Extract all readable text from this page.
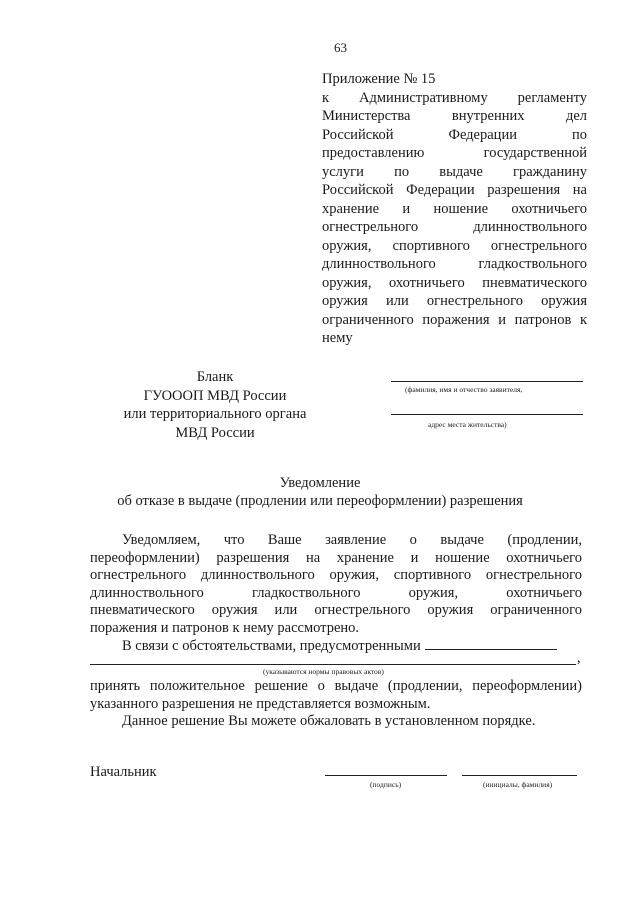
63
Приложение № 15
к Административному регламенту
Министерства внутренних дел
Российской Федерации по
предоставлению государственной
услуги по выдаче гражданину
Российской Федерации разрешения на
хранение и ношение охотничьего
огнестрельного длинноствольного
оружия, спортивного огнестрельного
длинноствольного гладкоствольного
оружия, охотничьего пневматического
оружия или огнестрельного оружия
ограниченного поражения и патронов к
нему
Бланк
ГУОООП МВД России
или территориального органа
МВД России
(фамилия, имя и отчество заявителя,
адрес места жительства)
Уведомление
об отказе в выдаче (продлении или переоформлении) разрешения
Уведомляем, что Ваше заявление о выдаче (продлении,
переоформлении) разрешения на хранение и ношение охотничьего
огнестрельного длинноствольного оружия, спортивного огнестрельного
длинноствольного гладкоствольного оружия, охотничьего
пневматического оружия или огнестрельного оружия ограниченного
поражения и патронов к нему рассмотрено.
В связи с обстоятельствами, предусмотренными
,
(указываются нормы правовых актов)
принять положительное решение о выдаче (продлении, переоформлении)
указанного разрешения не представляется возможным.
Данное решение Вы можете обжаловать в установленном порядке.
Начальник
(подпись)	(инициалы, фамилия)
